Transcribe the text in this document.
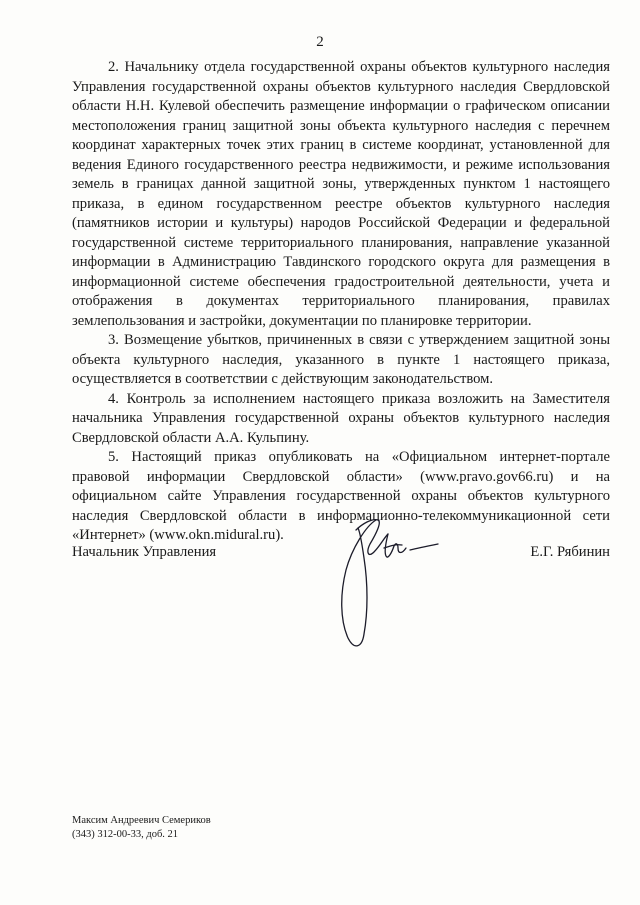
2

2. Начальнику отдела государственной охраны объектов культурного наследия Управления государственной охраны объектов культурного наследия Свердловской области Н.Н. Кулевой обеспечить размещение информации о графическом описании местоположения границ защитной зоны объекта культурного наследия с перечнем координат характерных точек этих границ в системе координат, установленной для ведения Единого государственного реестра недвижимости, и режиме использования земель в границах данной защитной зоны, утвержденных пунктом 1 настоящего приказа, в едином государственном реестре объектов культурного наследия (памятников истории и культуры) народов Российской Федерации и федеральной государственной системе территориального планирования, направление указанной информации в Администрацию Тавдинского городского округа для размещения в информационной системе обеспечения градостроительной деятельности, учета и отображения в документах территориального планирования, правилах землепользования и застройки, документации по планировке территории.

3. Возмещение убытков, причиненных в связи с утверждением защитной зоны объекта культурного наследия, указанного в пункте 1 настоящего приказа, осуществляется в соответствии с действующим законодательством.

4. Контроль за исполнением настоящего приказа возложить на Заместителя начальника Управления государственной охраны объектов культурного наследия Свердловской области А.А. Кульпину.

5. Настоящий приказ опубликовать на «Официальном интернет-портале правовой информации Свердловской области» (www.pravo.gov66.ru) и на официальном сайте Управления государственной охраны объектов культурного наследия Свердловской области в информационно-телекоммуникационной сети «Интернет» (www.okn.midural.ru).

Начальник Управления	Е.Г. Рябинин
Максим Андреевич Семериков
(343) 312-00-33, доб. 21
